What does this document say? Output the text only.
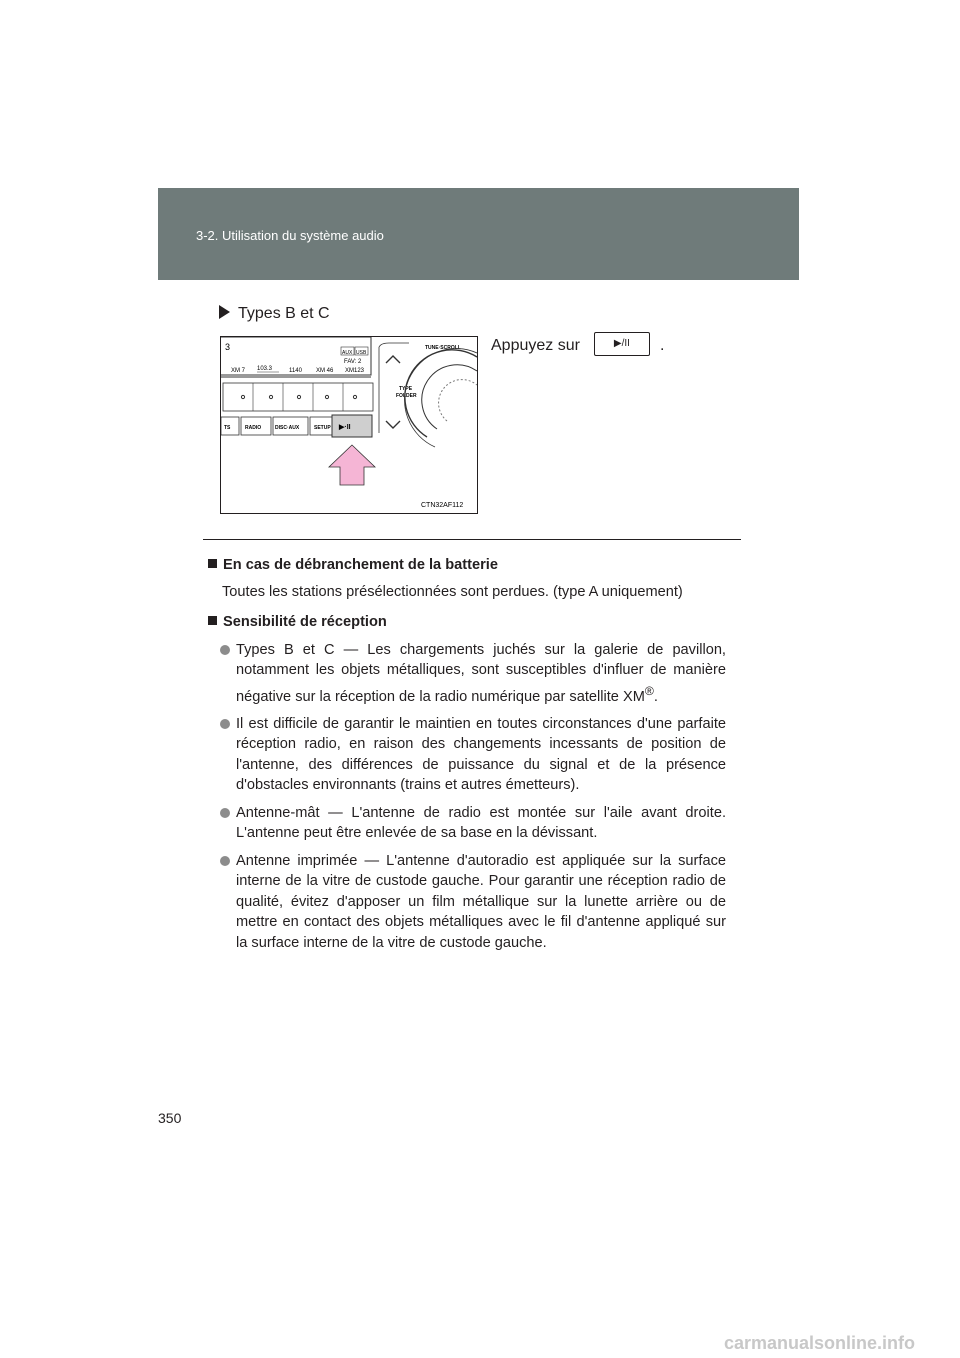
3-2. Utilisation du système audio
Types B et C
Appuyez sur	▶/II .
3
AUX USB
FAV: 2
XM 7 103.3	1140 XM 46 XM123
TS	RADIO	DISC·AUX	SETUP ▶·II
TYPE
FOLDER
TUNE·SCROLL
CTN32AF112
En cas de débranchement de la batterie
Toutes les stations présélectionnées sont perdues. (type A uniquement)
Sensibilité de réception
Types B et C — Les chargements juchés sur la galerie de pavillon, notamment les objets métalliques, sont susceptibles d'influer de manière négative sur la réception de la radio numérique par satellite XM®.
Il est difficile de garantir le maintien en toutes circonstances d'une parfaite réception radio, en raison des changements incessants de position de l'antenne, des différences de puissance du signal et de la présence d'obstacles environnants (trains et autres émetteurs).
Antenne-mât — L'antenne de radio est montée sur l'aile avant droite. L'antenne peut être enlevée de sa base en la dévissant.
Antenne imprimée — L'antenne d'autoradio est appliquée sur la surface interne de la vitre de custode gauche. Pour garantir une réception radio de qualité, évitez d'apposer un film métallique sur la lunette arrière ou de mettre en contact des objets métalliques avec le fil d'antenne appliqué sur la surface interne de la vitre de custode gauche.
350
carmanualsonline.info
